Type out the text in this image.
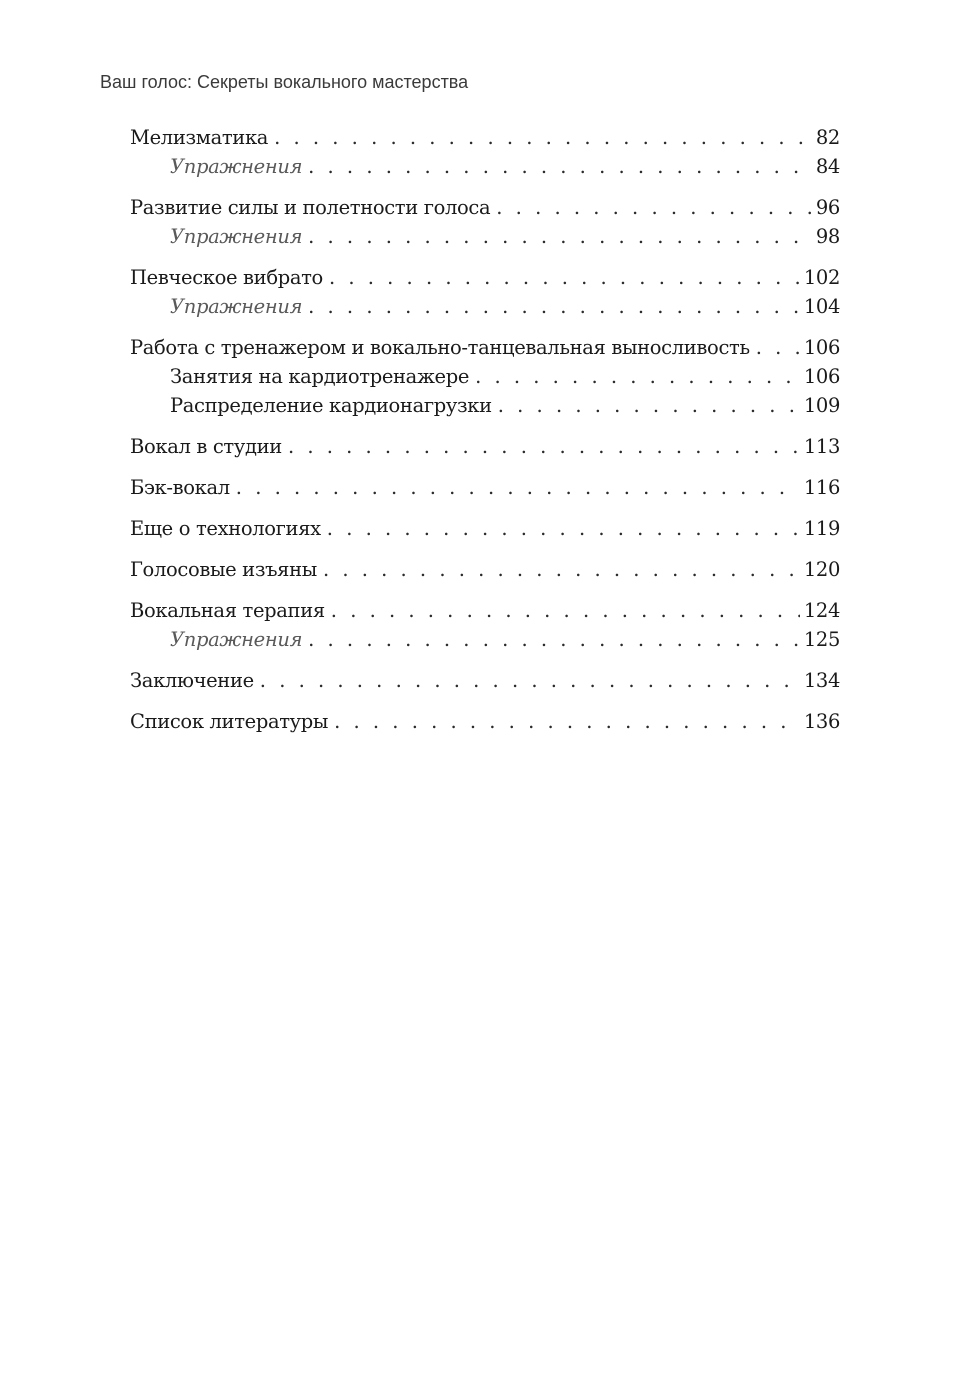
Ваш голос: Секреты вокального мастерства
Мелизматика . . .	82
Упражнения . . .	84
Развитие силы и полетности голоса . . .	96
Упражнения . . .	98
Певческое вибрато . . .	102
Упражнения . . .	104
Работа с тренажером и вокально-танцевальная выносливость . . .	106
Занятия на кардиотренажере . . .	106
Распределение кардионагрузки . . .	109
Вокал в студии . . .	113
Бэк-вокал . . .	116
Еще о технологиях . . .	119
Голосовые изъяны . . .	120
Вокальная терапия . . .	124
Упражнения . . .	125
Заключение . . .	134
Список литературы . . .	136
